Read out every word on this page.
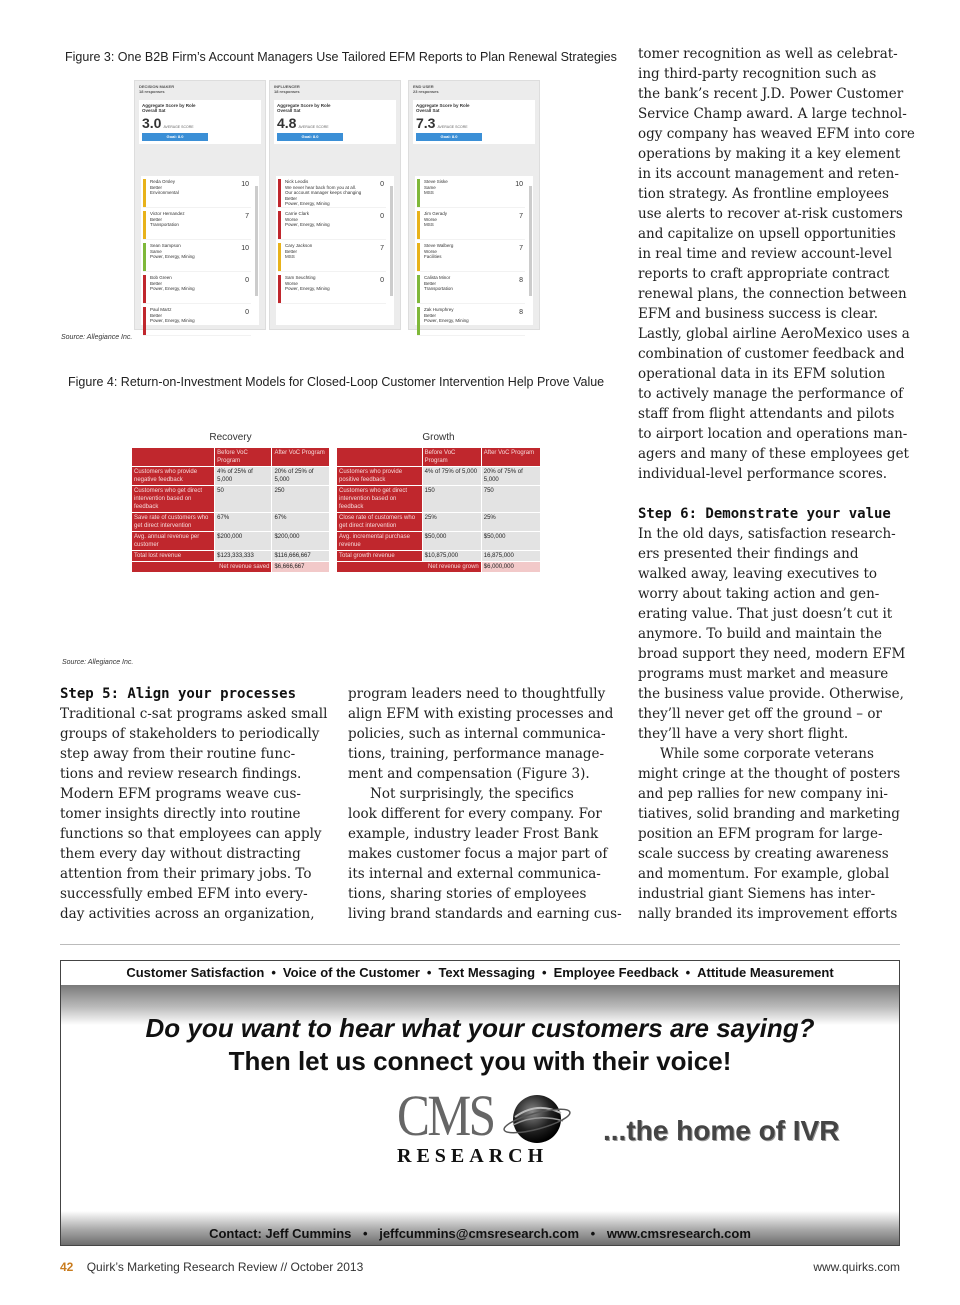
Figure 3: One B2B Firm’s Account Managers Use Tailored EFM Reports to Plan Renewal Strategies
DECISION MAKER
18 responses
Aggregate Score by Role
Overall Sat
3.0 AVERAGE SCORE
Goal: 8.0
Reda Orsley
Better
Environmental
10
Victor Hernandez
Better
Transportation
7
Sean Sampson
Same
Power, Energy, Mining
10
Bob Green
Better
Power, Energy, Mining
0
Paul Martz
Better
Power, Energy, Mining
0
INFLUENCER
18 responses
Aggregate Score by Role
Overall Sat
4.8 AVERAGE SCORE
Goal: 8.0
Nick Leodis
We never hear back from you at all.
Our account manager keeps changing
Better
Power, Energy, Mining
0
Carrie Clark
Worse
Power, Energy, Mining
0
Cary Jackson
Better
MSS
7
Sam Seuchting
Worse
Power, Energy, Mining
0
END USER
23 responses
Aggregate Score by Role
Overall Sat
7.3 AVERAGE SCORE
Goal: 8.0
Steve Siske
Same
MSS
10
Jim Gerady
Worse
MSS
7
Steve Walberg
Worse
Facilities
7
Calista Minor
Better
Transportation
8
Zak Humphrey
Better
Power, Energy, Mining
8
Source: Allegiance Inc.
Figure 4: Return-on-Investment Models for Closed-Loop Customer Intervention Help Prove Value
Recovery	Growth
	Before VoC Program	After VoC Program
Customers who provide negative feedback	4% of 25% of 5,000	20% of 25% of 5,000
Customers who get direct intervention based on feedback	50	250
Save rate of customers who get direct intervention	67%	67%
Avg. annual revenue per customer	$200,000	$200,000
Total lost revenue	$123,333,333	$116,666,667
Net revenue saved		$6,666,667
	Before VoC Program	After VoC Program
Customers who provide positive feedback	4% of 75% of 5,000	20% of 75% of 5,000
Customers who get direct intervention based on feedback	150	750
Close rate of customers who get direct intervention	25%	25%
Avg. incremental purchase revenue	$50,000	$50,000
Total growth revenue	$10,875,000	16,875,000
Net revenue grown		$6,000,000
Source: Allegiance Inc.
Step 5: Align your processes

Traditional c-sat programs asked small

groups of stakeholders to periodically

step away from their routine func-

tions and review research findings.

Modern EFM programs weave cus-

tomer insights directly into routine

functions so that employees can apply

them every day without distracting

attention from their primary jobs. To

successfully embed EFM into every-

day activities across an organization,

program leaders need to thoughtfully

align EFM with existing processes and

policies, such as internal communica-

tions, training, performance manage-

ment and compensation (Figure 3).

Not surprisingly, the specifics

look different for every company. For

example, industry leader Frost Bank

makes customer focus a major part of

its internal and external communica-

tions, sharing stories of employees

living brand standards and earning cus-

tomer recognition as well as celebrat-

ing third-party recognition such as

the bank’s recent J.D. Power Customer

Service Champ award. A large technol-

ogy company has weaved EFM into core

operations by making it a key element

in its account management and reten-

tion strategy. As frontline employees

use alerts to recover at-risk customers

and capitalize on upsell opportunities

in real time and review account-level

reports to craft appropriate contract

renewal plans, the connection between

EFM and business success is clear.

Lastly, global airline AeroMexico uses a

combination of customer feedback and

operational data in its EFM solution

to actively manage the performance of

staff from flight attendants and pilots

to airport location and operations man-

agers and many of these employees get

individual-level performance scores.

Step 6: Demonstrate your value

In the old days, satisfaction research-

ers presented their findings and

walked away, leaving executives to

worry about taking action and gen-

erating value. That just doesn’t cut it

anymore. To build and maintain the

broad support they need, modern EFM

programs must market and measure

the business value provide. Otherwise,

they’ll never get off the ground – or

they’ll have a very short flight.

While some corporate veterans

might cringe at the thought of posters

and pep rallies for new company ini-

tiatives, solid branding and marketing

position an EFM program for large-

scale success by creating awareness

and momentum. For example, global

industrial giant Siemens has inter-

nally branded its improvement efforts

Customer Satisfaction • Voice of the Customer • Text Messaging • Employee Feedback • Attitude Measurement
Do you want to hear what your customers are saying?
Then let us connect you with their voice!
CMS
RESEARCH
...the home of IVR
Contact: Jeff Cummins • jeffcummins@cmsresearch.com • www.cmsresearch.com
42 Quirk’s Marketing Research Review // October 2013	www.quirks.com
